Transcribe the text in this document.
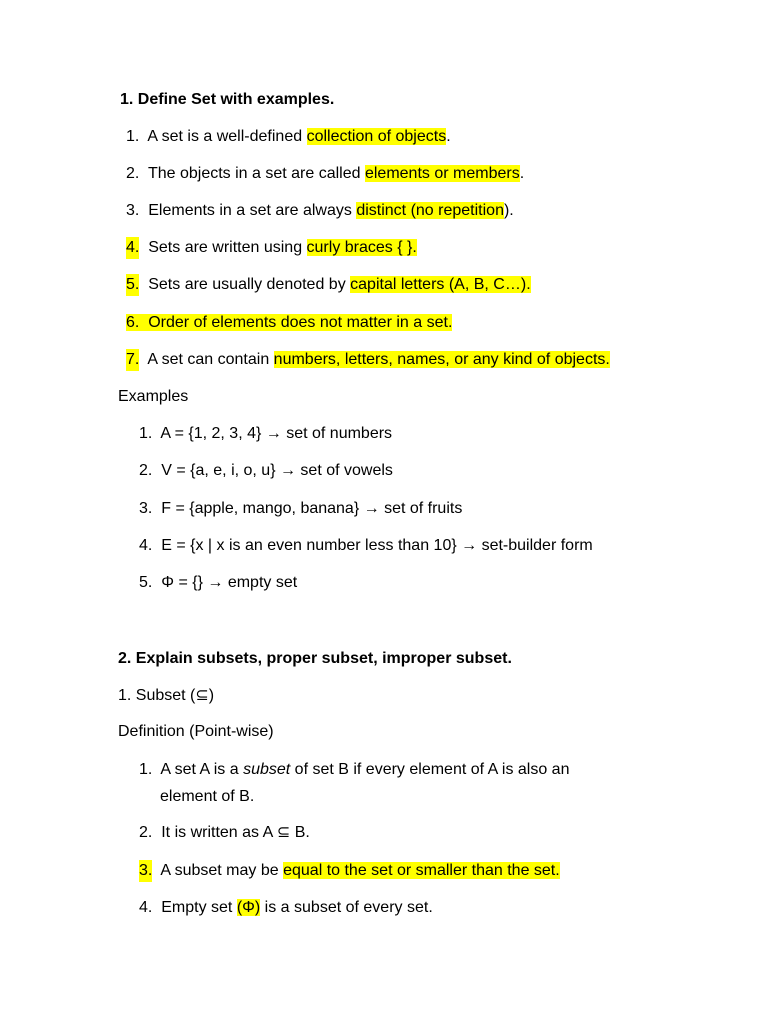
1. Define Set with examples.
1. A set is a well-defined collection of objects.
2. The objects in a set are called elements or members.
3. Elements in a set are always distinct (no repetition).
4. Sets are written using curly braces { }.
5. Sets are usually denoted by capital letters (A, B, C…).
6. Order of elements does not matter in a set.
7. A set can contain numbers, letters, names, or any kind of objects.
Examples
1. A = {1, 2, 3, 4} → set of numbers
2. V = {a, e, i, o, u} → set of vowels
3. F = {apple, mango, banana} → set of fruits
4. E = {x | x is an even number less than 10} → set-builder form
5. Φ = {} → empty set
2. Explain subsets, proper subset, improper subset.
1. Subset (⊆)
Definition (Point-wise)
1. A set A is a subset of set B if every element of A is also an
element of B.
2. It is written as A ⊆ B.
3. A subset may be equal to the set or smaller than the set.
4. Empty set (Φ) is a subset of every set.
